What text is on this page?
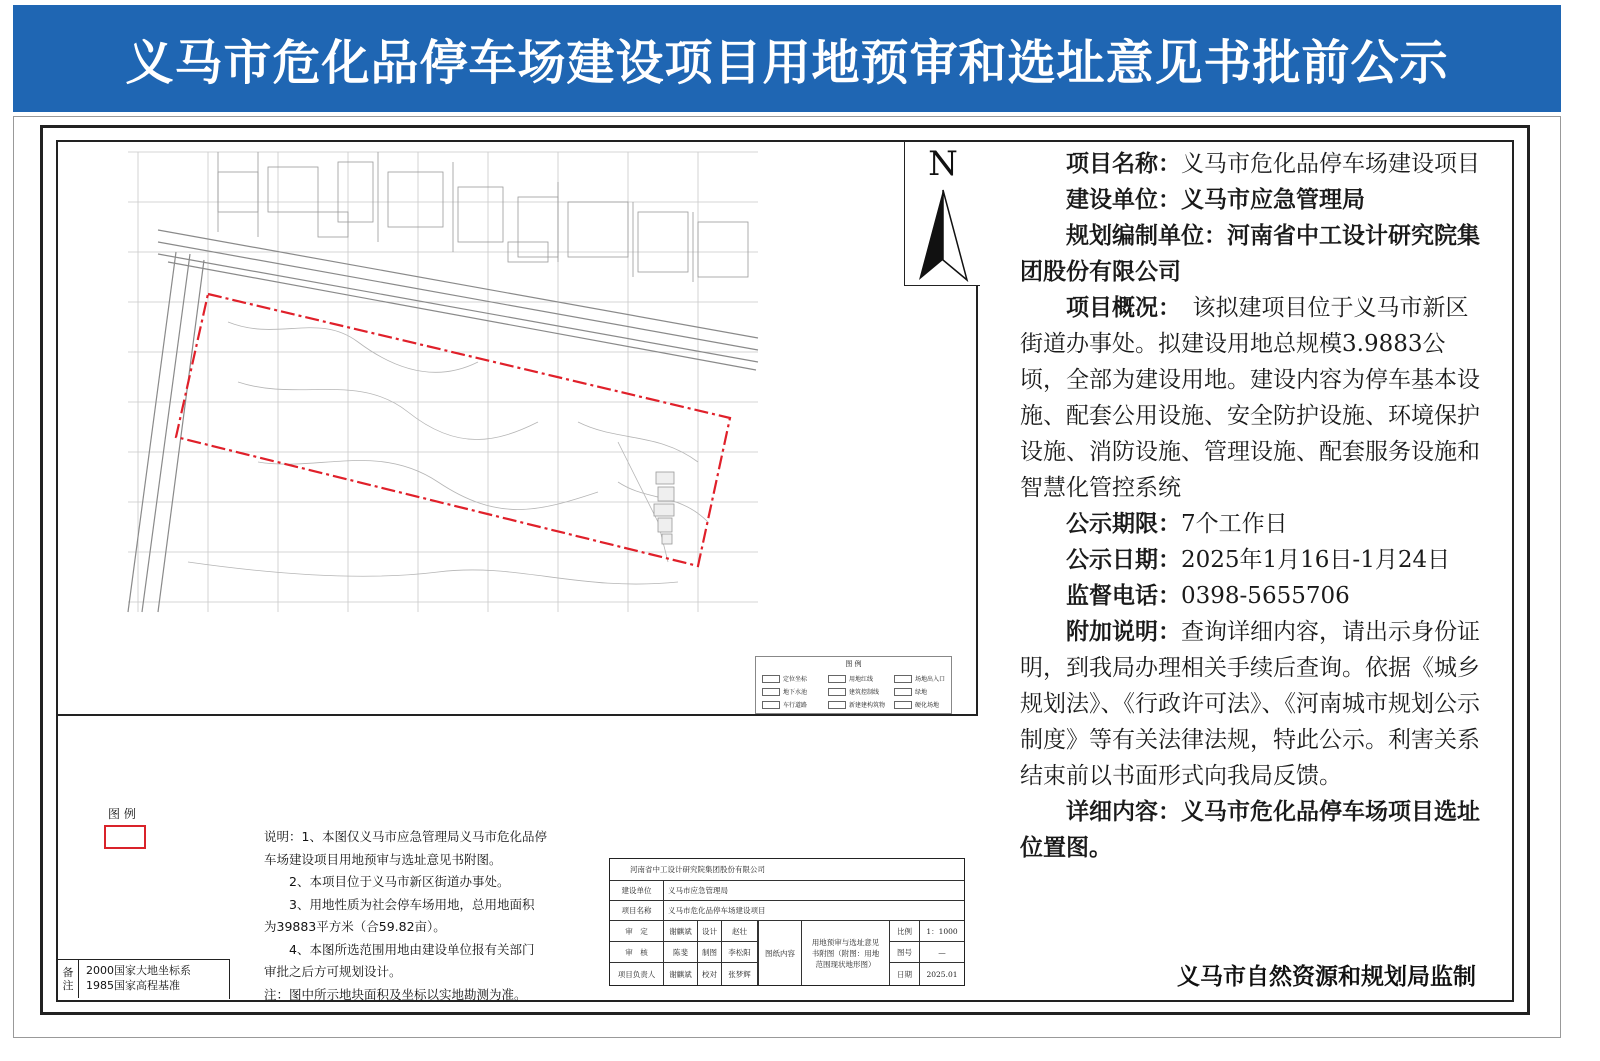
义马市危化品停车场建设项目用地预审和选址意见书批前公示
N
图 例
定位坐标	用地红线	场地出入口
地下水池	建筑控制线	绿地
车行道路	新建建构筑物	硬化场地

项目名称：义马市危化品停车场建设项目

建设单位：义马市应急管理局

规划编制单位：河南省中工设计研究院集团股份有限公司

项目概况：　 该拟建项目位于义马市新区街道办事处。拟建设用地总规模3.9883公顷，全部为建设用地。建设内容为停车基本设施、配套公用设施、安全防护设施、环境保护设施、消防设施、管理设施、配套服务设施和智慧化管控系统

公示期限：7个工作日

公示日期：2025年1月16日-1月24日

监督电话：0398-5655706

附加说明：查询详细内容，请出示身份证明，到我局办理相关手续后查询。依据《城乡规划法》、《行政许可法》、《河南城市规划公示制度》等有关法律法规，特此公示。利害关系结束前以书面形式向我局反馈。

详细内容：义马市危化品停车场项目选址位置图。

义马市自然资源和规划局监制
图 例
说明：1、本图仅义马市应急管理局义马市危化品停
车场建设项目用地预审与选址意见书附图。
　　2、本项目位于义马市新区街道办事处。
　　3、用地性质为社会停车场用地，总用地面积
为39883平方米（合59.82亩）。
　　4、本图所选范围用地由建设单位报有关部门
审批之后方可规划设计。
注：图中所示地块面积及坐标以实地勘测为准。
备
注
2000国家大地坐标系
1985国家高程基准
河南省中工设计研究院集团股份有限公司
建设单位	义马市应急管理局
项目名称	义马市危化品停车场建设项目
审　定	谢麒斌	设计	赵壮	比例	1：1000
审　核	陈斐	制图	李松阳	图号	—
项目负责人	谢麒斌	校对	张梦辉	日期	2025.01
图纸内容
用地预审与选址意见
书附图（附图：用地
范围现状地形图）
